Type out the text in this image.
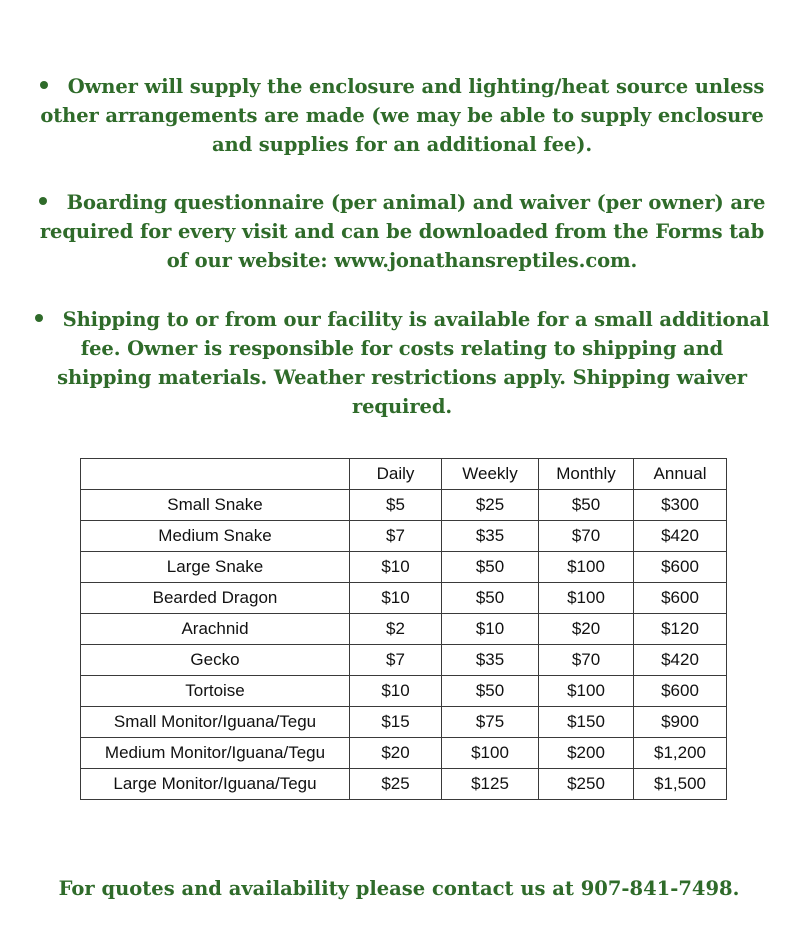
Owner will supply the enclosure and lighting/heat source unless
other arrangements are made (we may be able to supply enclosure
and supplies for an additional fee).
Boarding questionnaire (per animal) and waiver (per owner) are
required for every visit and can be downloaded from the Forms tab
of our website: www.jonathansreptiles.com.
Shipping to or from our facility is available for a small additional
fee. Owner is responsible for costs relating to shipping and
shipping materials. Weather restrictions apply. Shipping waiver
required.
	Daily	Weekly	Monthly	Annual
Small Snake	$5	$25	$50	$300
Medium Snake	$7	$35	$70	$420
Large Snake	$10	$50	$100	$600
Bearded Dragon	$10	$50	$100	$600
Arachnid	$2	$10	$20	$120
Gecko	$7	$35	$70	$420
Tortoise	$10	$50	$100	$600
Small Monitor/Iguana/Tegu	$15	$75	$150	$900
Medium Monitor/Iguana/Tegu	$20	$100	$200	$1,200
Large Monitor/Iguana/Tegu	$25	$125	$250	$1,500
For quotes and availability please contact us at 907-841-7498.
